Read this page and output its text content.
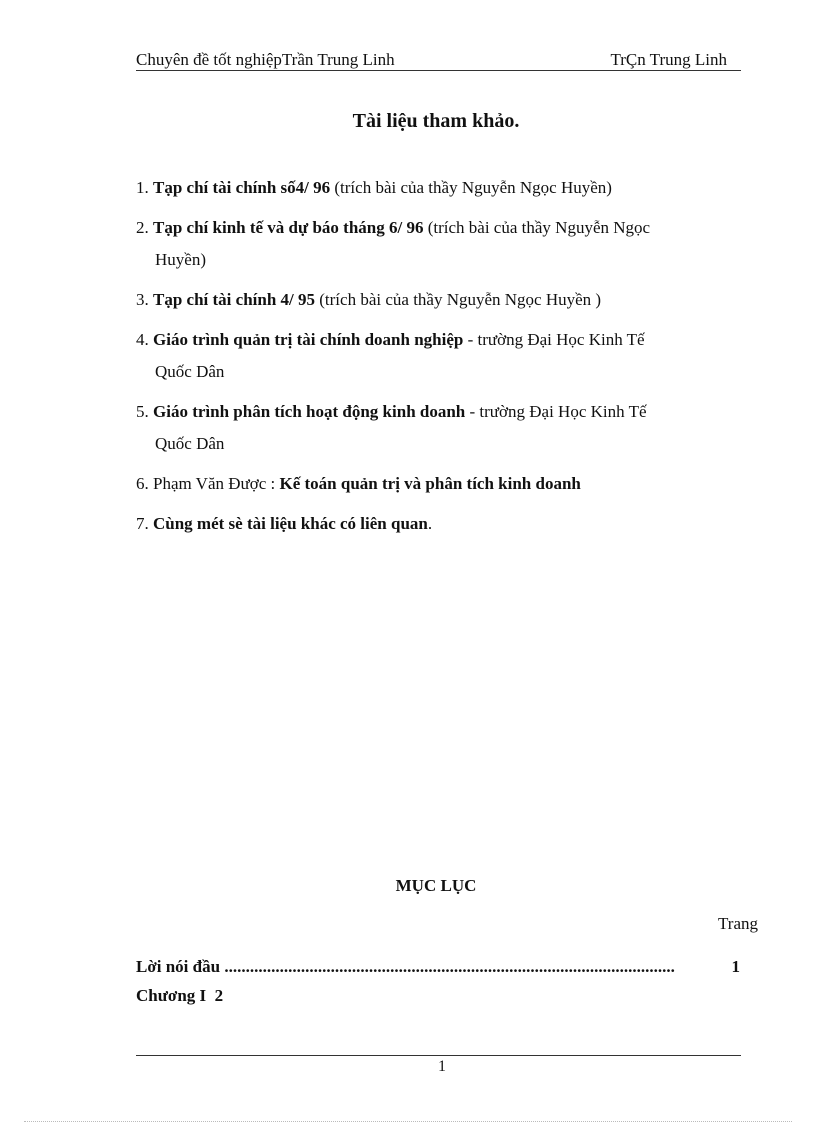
Chuyên đề tốt nghiệpTrần Trung Linh	TrÇn Trung Linh
Tài liệu tham khảo.
1. Tạp chí tài chính số4/ 96 (trích bài của thầy Nguyễn Ngọc Huyền)
2. Tạp chí kinh tế và dự báo tháng 6/ 96 (trích bài của thầy Nguyễn Ngọc
Huyền)
3. Tạp chí tài chính 4/ 95 (trích bài của thầy Nguyễn Ngọc Huyền )
4. Giáo trình quản trị tài chính doanh nghiệp - trường Đại Học Kinh Tế
Quốc Dân
5. Giáo trình phân tích hoạt động kinh doanh - trường Đại Học Kinh Tế
Quốc Dân
6. Phạm Văn Được : Kế toán quản trị và phân tích kinh doanh
7. Cùng mét sè tài liệu khác có liên quan.
MỤC LỤC
Trang
Lời nói đầu ..........................................................................................................	1
Chương I  2
1
